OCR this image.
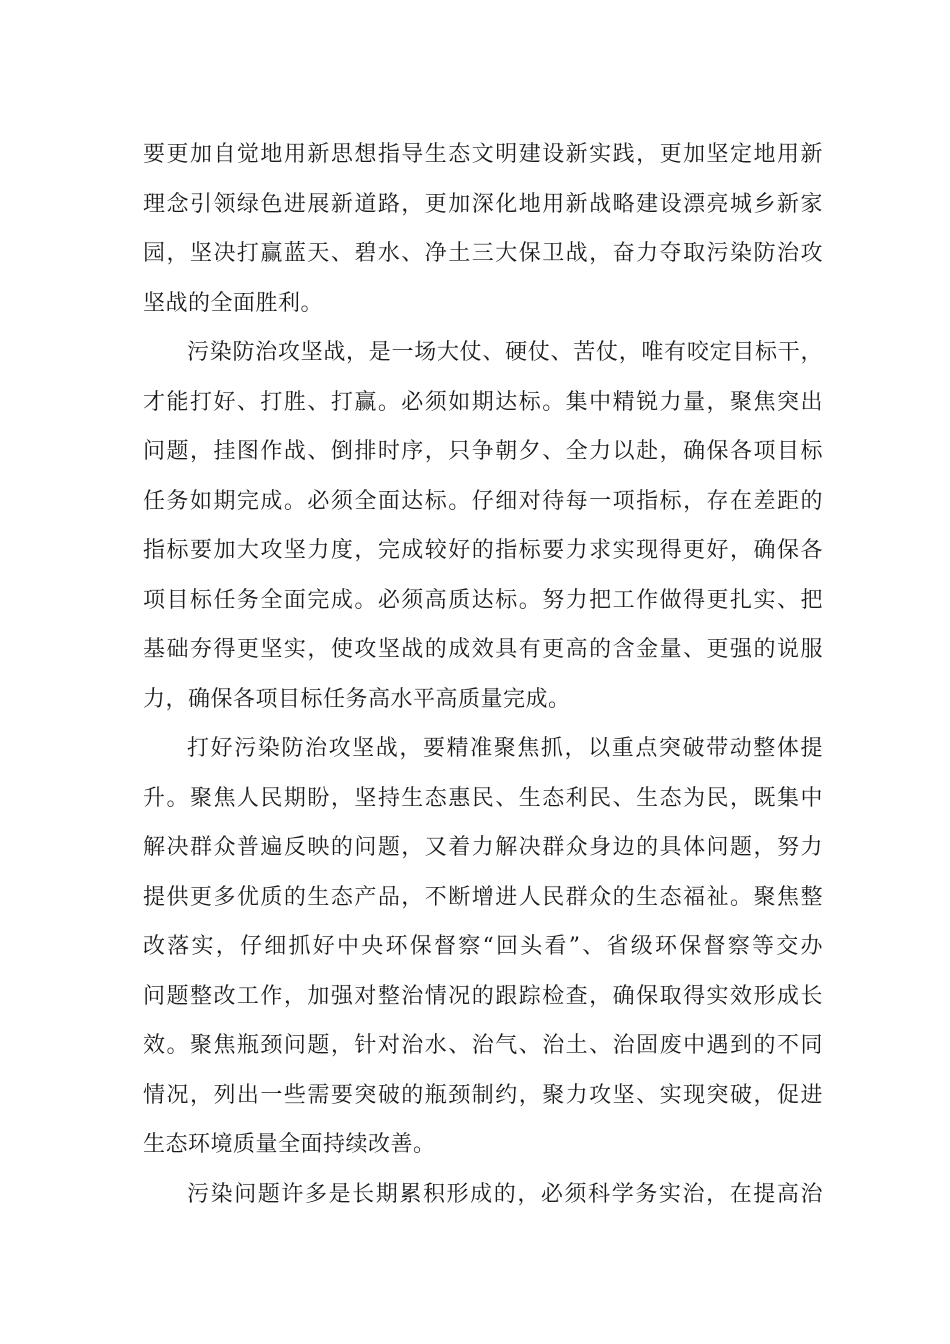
要更加自觉地用新思想指导生态文明建设新实践，更加坚定地用新
理念引领绿色进展新道路，更加深化地用新战略建设漂亮城乡新家
园，坚决打赢蓝天、碧水、净土三大保卫战，奋力夺取污染防治攻
坚战的全面胜利。
污染防治攻坚战，是一场大仗、硬仗、苦仗，唯有咬定目标干，
才能打好、打胜、打赢。必须如期达标。集中精锐力量，聚焦突出
问题，挂图作战、倒排时序，只争朝夕、全力以赴，确保各项目标
任务如期完成。必须全面达标。仔细对待每一项指标，存在差距的
指标要加大攻坚力度，完成较好的指标要力求实现得更好，确保各
项目标任务全面完成。必须高质达标。努力把工作做得更扎实、把
基础夯得更坚实，使攻坚战的成效具有更高的含金量、更强的说服
力，确保各项目标任务高水平高质量完成。
打好污染防治攻坚战，要精准聚焦抓，以重点突破带动整体提
升。聚焦人民期盼，坚持生态惠民、生态利民、生态为民，既集中
解决群众普遍反映的问题，又着力解决群众身边的具体问题，努力
提供更多优质的生态产品，不断增进人民群众的生态福祉。聚焦整
改落实，仔细抓好中央环保督察“回头看”、省级环保督察等交办
问题整改工作，加强对整治情况的跟踪检查，确保取得实效形成长
效。聚焦瓶颈问题，针对治水、治气、治土、治固废中遇到的不同
情况，列出一些需要突破的瓶颈制约，聚力攻坚、实现突破，促进
生态环境质量全面持续改善。
污染问题许多是长期累积形成的，必须科学务实治，在提高治
